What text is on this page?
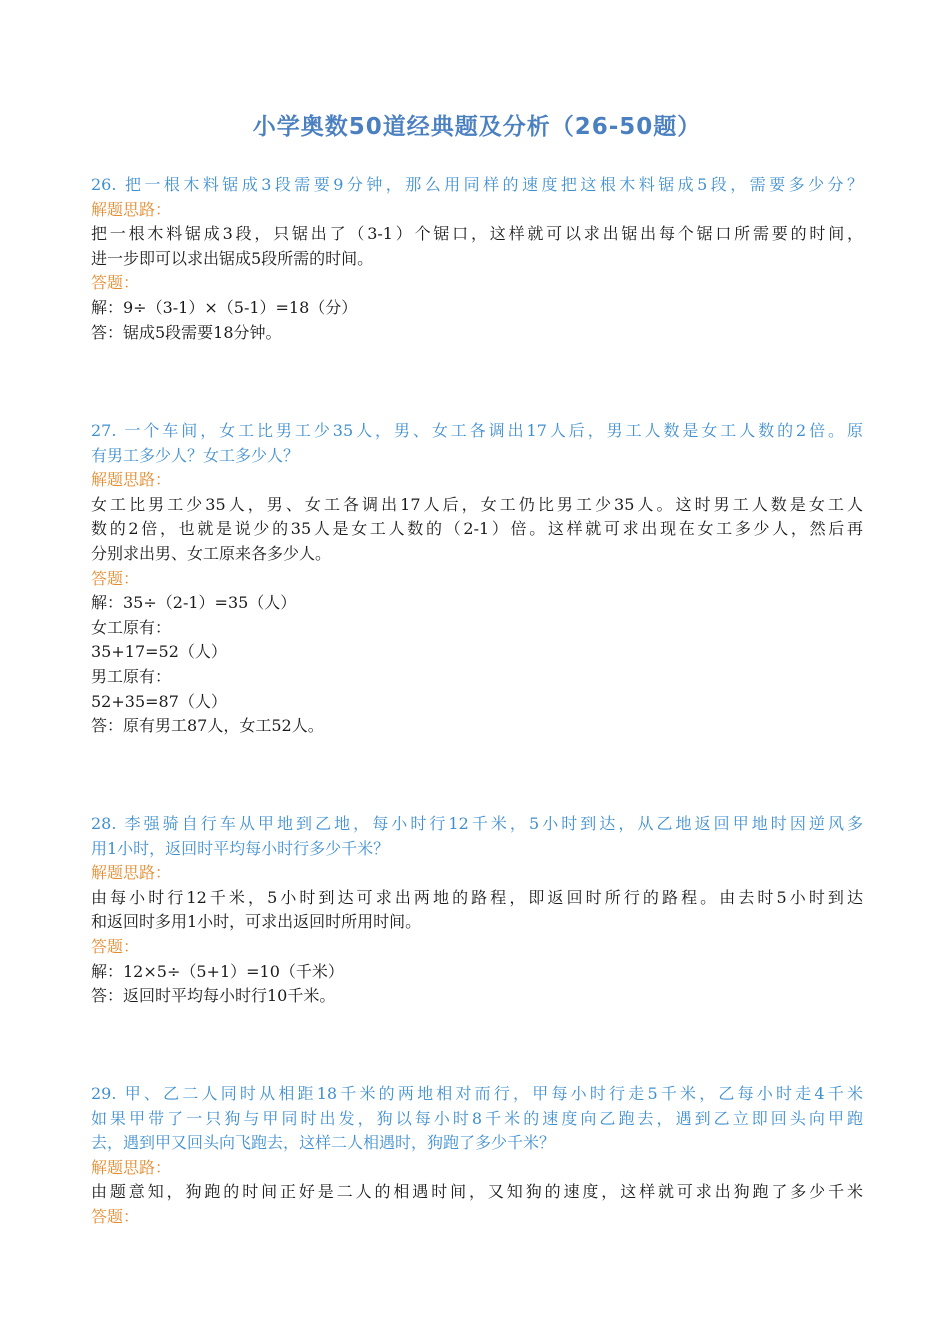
小学奥数50道经典题及分析（26-50题）
26. 把一根木料锯成3段需要9分钟，那么用同样的速度把这根木料锯成5段，需要多少分？
解题思路：
把一根木料锯成3段，只锯出了（3-1）个锯口，这样就可以求出锯出每个锯口所需要的时间，
进一步即可以求出锯成5段所需的时间。
答题：
解：9÷（3-1）×（5-1）=18（分）
答：锯成5段需要18分钟。
27. 一个车间，女工比男工少35人，男、女工各调出17人后，男工人数是女工人数的2倍。原
有男工多少人？女工多少人？
解题思路：
女工比男工少35人，男、女工各调出17人后，女工仍比男工少35人。这时男工人数是女工人
数的2倍，也就是说少的35人是女工人数的（2-1）倍。这样就可求出现在女工多少人，然后再
分别求出男、女工原来各多少人。
答题：
解：35÷（2-1）=35（人）
女工原有：
35+17=52（人）
男工原有：
52+35=87（人）
答：原有男工87人，女工52人。
28. 李强骑自行车从甲地到乙地，每小时行12千米，5小时到达，从乙地返回甲地时因逆风多
用1小时，返回时平均每小时行多少千米？
解题思路：
由每小时行12千米，5小时到达可求出两地的路程，即返回时所行的路程。由去时5小时到达
和返回时多用1小时，可求出返回时所用时间。
答题：
解：12×5÷（5+1）=10（千米）
答：返回时平均每小时行10千米。
29. 甲、乙二人同时从相距18千米的两地相对而行，甲每小时行走5千米，乙每小时走4千米
如果甲带了一只狗与甲同时出发，狗以每小时8千米的速度向乙跑去，遇到乙立即回头向甲跑
去，遇到甲又回头向飞跑去，这样二人相遇时，狗跑了多少千米？
解题思路：
由题意知，狗跑的时间正好是二人的相遇时间，又知狗的速度，这样就可求出狗跑了多少千米
答题：
